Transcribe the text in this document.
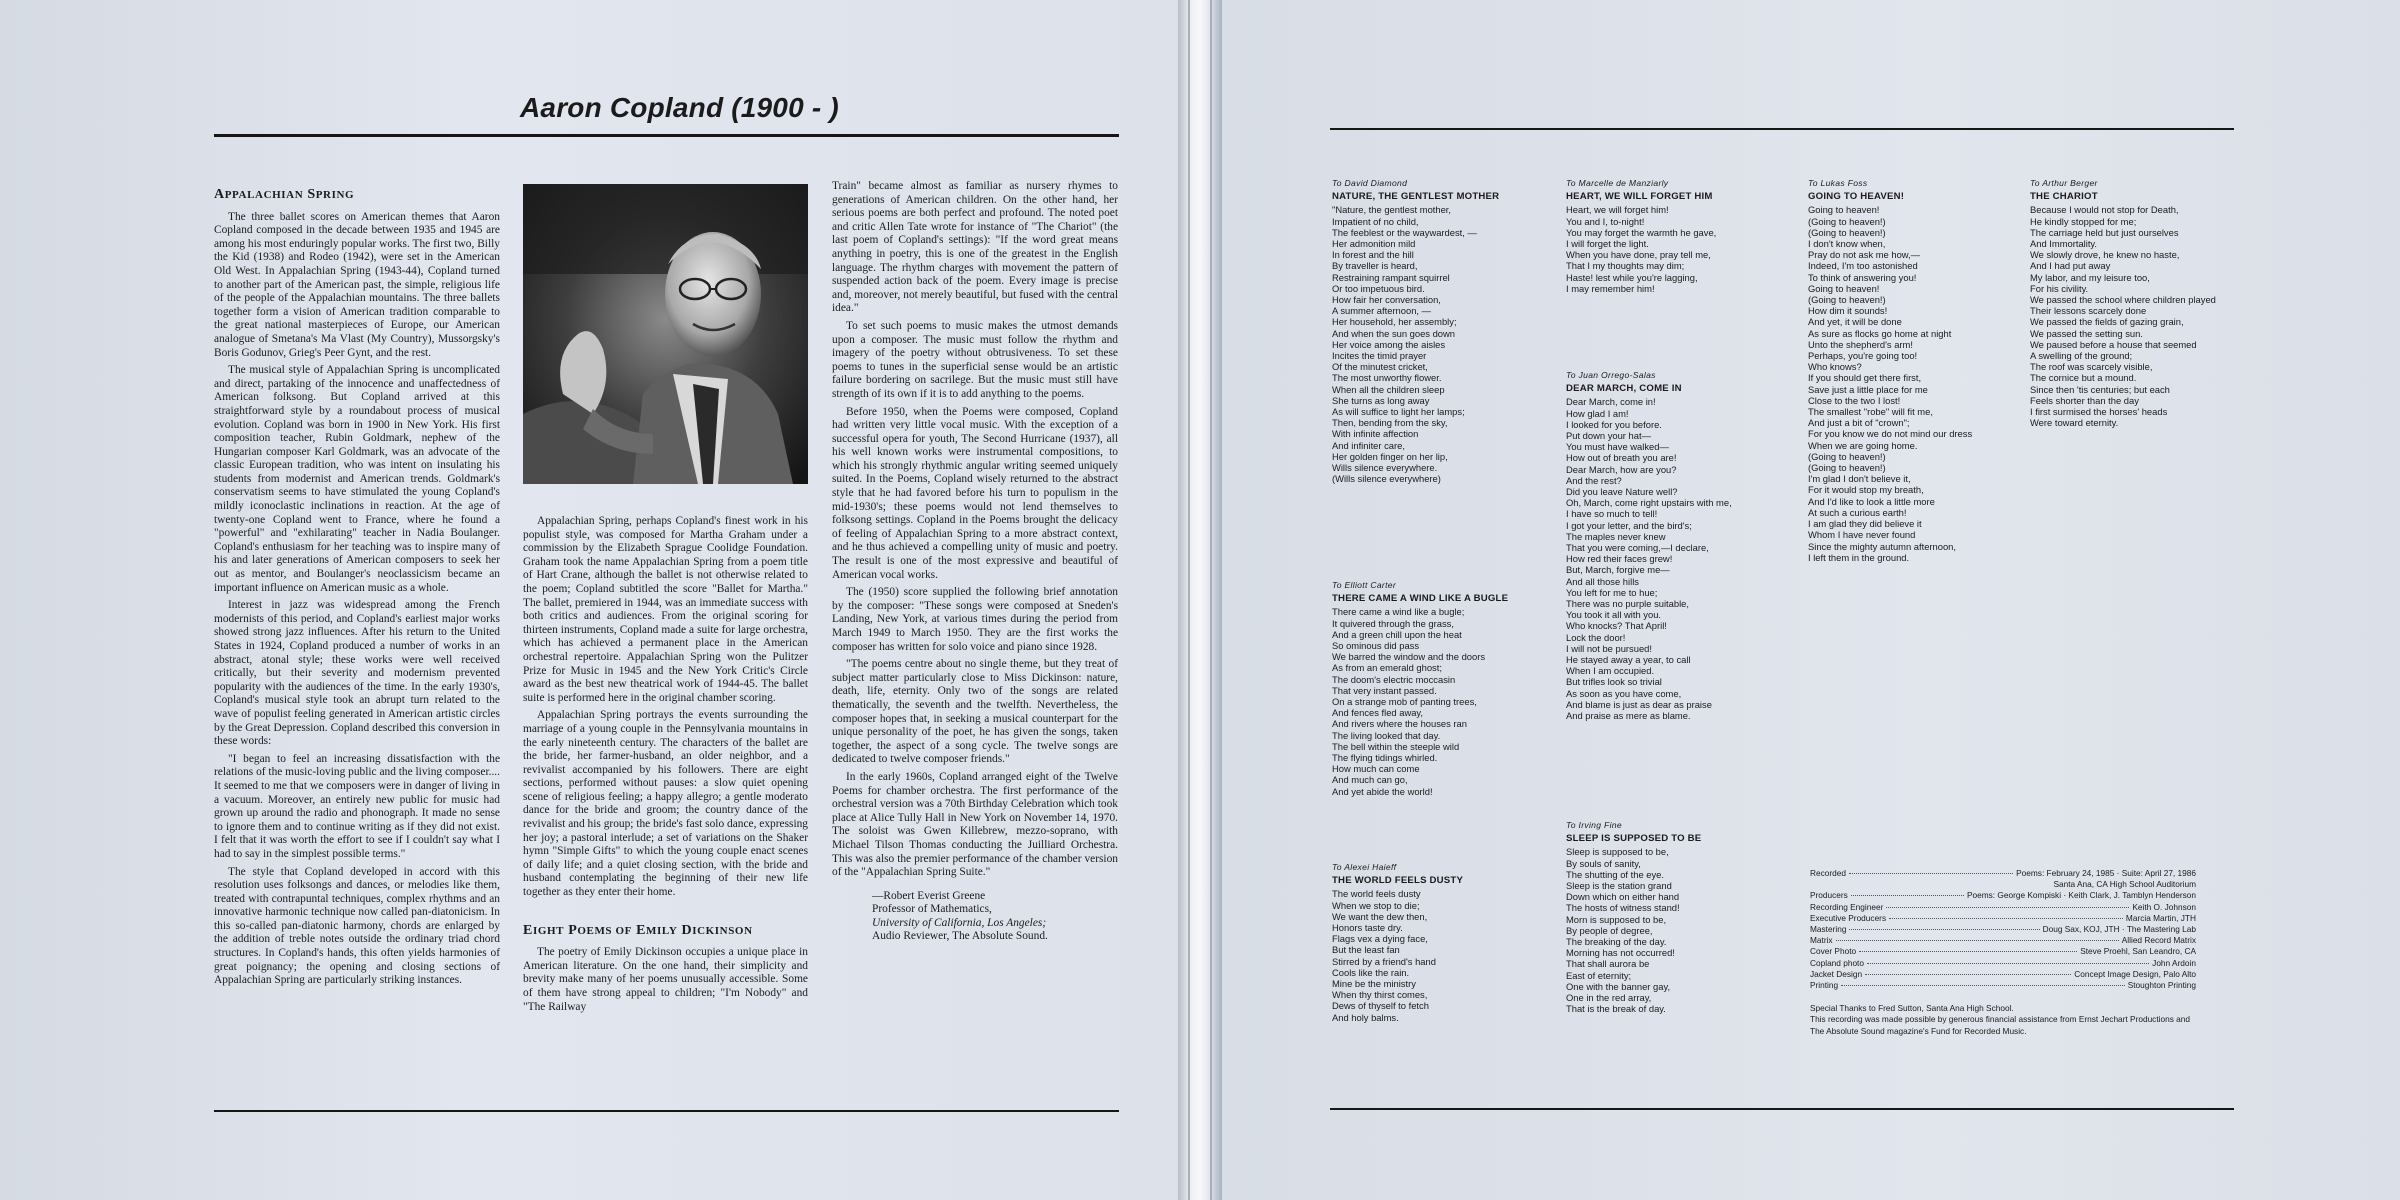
Aaron Copland (1900 - )
APPALACHIAN SPRING

The three ballet scores on American themes that Aaron Copland composed in the decade between 1935 and 1945 are among his most enduringly popular works. The first two, Billy the Kid (1938) and Rodeo (1942), were set in the American Old West. In Appalachian Spring (1943-44), Copland turned to another part of the American past, the simple, religious life of the people of the Appalachian mountains. The three ballets together form a vision of American tradition comparable to the great national masterpieces of Europe, our American analogue of Smetana's Ma Vlast (My Country), Mussorgsky's Boris Godunov, Grieg's Peer Gynt, and the rest.

The musical style of Appalachian Spring is uncomplicated and direct, partaking of the innocence and unaffectedness of American folksong. But Copland arrived at this straightforward style by a roundabout process of musical evolution. Copland was born in 1900 in New York. His first composition teacher, Rubin Goldmark, nephew of the Hungarian composer Karl Goldmark, was an advocate of the classic European tradition, who was intent on insulating his students from modernist and American trends. Goldmark's conservatism seems to have stimulated the young Copland's mildly iconoclastic inclinations in reaction. At the age of twenty-one Copland went to France, where he found a "powerful" and "exhilarating" teacher in Nadia Boulanger. Copland's enthusiasm for her teaching was to inspire many of his and later generations of American composers to seek her out as mentor, and Boulanger's neoclassicism became an important influence on American music as a whole.

Interest in jazz was widespread among the French modernists of this period, and Copland's earliest major works showed strong jazz influences. After his return to the United States in 1924, Copland produced a number of works in an abstract, atonal style; these works were well received critically, but their severity and modernism prevented popularity with the audiences of the time. In the early 1930's, Copland's musical style took an abrupt turn related to the wave of populist feeling generated in American artistic circles by the Great Depression. Copland described this conversion in these words:

"I began to feel an increasing dissatisfaction with the relations of the music-loving public and the living composer.... It seemed to me that we composers were in danger of living in a vacuum. Moreover, an entirely new public for music had grown up around the radio and phonograph. It made no sense to ignore them and to continue writing as if they did not exist. I felt that it was worth the effort to see if I couldn't say what I had to say in the simplest possible terms."

The style that Copland developed in accord with this resolution uses folksongs and dances, or melodies like them, treated with contrapuntal techniques, complex rhythms and an innovative harmonic technique now called pan-diatonicism. In this so-called pan-diatonic harmony, chords are enlarged by the addition of treble notes outside the ordinary triad chord structures. In Copland's hands, this often yields harmonies of great poignancy; the opening and closing sections of Appalachian Spring are particularly striking instances.

Appalachian Spring, perhaps Copland's finest work in his populist style, was composed for Martha Graham under a commission by the Elizabeth Sprague Coolidge Foundation. Graham took the name Appalachian Spring from a poem title of Hart Crane, although the ballet is not otherwise related to the poem; Copland subtitled the score "Ballet for Martha." The ballet, premiered in 1944, was an immediate success with both critics and audiences. From the original scoring for thirteen instruments, Copland made a suite for large orchestra, which has achieved a permanent place in the American orchestral repertoire. Appalachian Spring won the Pulitzer Prize for Music in 1945 and the New York Critic's Circle award as the best new theatrical work of 1944-45. The ballet suite is performed here in the original chamber scoring.

Appalachian Spring portrays the events surrounding the marriage of a young couple in the Pennsylvania mountains in the early nineteenth century. The characters of the ballet are the bride, her farmer-husband, an older neighbor, and a revivalist accompanied by his followers. There are eight sections, performed without pauses: a slow quiet opening scene of religious feeling; a happy allegro; a gentle moderato dance for the bride and groom; the country dance of the revivalist and his group; the bride's fast solo dance, expressing her joy; a pastoral interlude; a set of variations on the Shaker hymn "Simple Gifts" to which the young couple enact scenes of daily life; and a quiet closing section, with the bride and husband contemplating the beginning of their new life together as they enter their home.

EIGHT POEMS OF EMILY DICKINSON

The poetry of Emily Dickinson occupies a unique place in American literature. On the one hand, their simplicity and brevity make many of her poems unusually accessible. Some of them have strong appeal to children; "I'm Nobody" and "The Railway

Train" became almost as familiar as nursery rhymes to generations of American children. On the other hand, her serious poems are both perfect and profound. The noted poet and critic Allen Tate wrote for instance of "The Chariot" (the last poem of Copland's settings): "If the word great means anything in poetry, this is one of the greatest in the English language. The rhythm charges with movement the pattern of suspended action back of the poem. Every image is precise and, moreover, not merely beautiful, but fused with the central idea."

To set such poems to music makes the utmost demands upon a composer. The music must follow the rhythm and imagery of the poetry without obtrusiveness. To set these poems to tunes in the superficial sense would be an artistic failure bordering on sacrilege. But the music must still have strength of its own if it is to add anything to the poems.

Before 1950, when the Poems were composed, Copland had written very little vocal music. With the exception of a successful opera for youth, The Second Hurricane (1937), all his well known works were instrumental compositions, to which his strongly rhythmic angular writing seemed uniquely suited. In the Poems, Copland wisely returned to the abstract style that he had favored before his turn to populism in the mid-1930's; these poems would not lend themselves to folksong settings. Copland in the Poems brought the delicacy of feeling of Appalachian Spring to a more abstract context, and he thus achieved a compelling unity of music and poetry. The result is one of the most expressive and beautiful of American vocal works.

The (1950) score supplied the following brief annotation by the composer: "These songs were composed at Sneden's Landing, New York, at various times during the period from March 1949 to March 1950. They are the first works the composer has written for solo voice and piano since 1928.

"The poems centre about no single theme, but they treat of subject matter particularly close to Miss Dickinson: nature, death, life, eternity. Only two of the songs are related thematically, the seventh and the twelfth. Nevertheless, the composer hopes that, in seeking a musical counterpart for the unique personality of the poet, he has given the songs, taken together, the aspect of a song cycle. The twelve songs are dedicated to twelve composer friends."

In the early 1960s, Copland arranged eight of the Twelve Poems for chamber orchestra. The first performance of the orchestral version was a 70th Birthday Celebration which took place at Alice Tully Hall in New York on November 14, 1970. The soloist was Gwen Killebrew, mezzo-soprano, with Michael Tilson Thomas conducting the Juilliard Orchestra. This was also the premier performance of the chamber version of the "Appalachian Spring Suite."

—Robert Everist Greene
Professor of Mathematics,
University of California, Los Angeles;
Audio Reviewer, The Absolute Sound.
To David Diamond
NATURE, THE GENTLEST MOTHER
"Nature, the gentlest mother,
Impatient of no child,
The feeblest or the waywardest, —
Her admonition mild
In forest and the hill
By traveller is heard,
Restraining rampant squirrel
Or too impetuous bird.
How fair her conversation,
A summer afternoon, —
Her household, her assembly;
And when the sun goes down
Her voice among the aisles
Incites the timid prayer
Of the minutest cricket,
The most unworthy flower.
When all the children sleep
She turns as long away
As will suffice to light her lamps;
Then, bending from the sky,
With infinite affection
And infiniter care,
Her golden finger on her lip,
Wills silence everywhere.
(Wills silence everywhere)
To Elliott Carter
THERE CAME A WIND LIKE A BUGLE
There came a wind like a bugle;
It quivered through the grass,
And a green chill upon the heat
So ominous did pass
We barred the window and the doors
As from an emerald ghost;
The doom's electric moccasin
That very instant passed.
On a strange mob of panting trees,
And fences fled away,
And rivers where the houses ran
The living looked that day.
The bell within the steeple wild
The flying tidings whirled.
How much can come
And much can go,
And yet abide the world!
To Alexei Haieff
THE WORLD FEELS DUSTY
The world feels dusty
When we stop to die;
We want the dew then,
Honors taste dry.
Flags vex a dying face,
But the least fan
Stirred by a friend's hand
Cools like the rain.
Mine be the ministry
When thy thirst comes,
Dews of thyself to fetch
And holy balms.
To Marcelle de Manziarly
HEART, WE WILL FORGET HIM
Heart, we will forget him!
You and I, to-night!
You may forget the warmth he gave,
I will forget the light.
When you have done, pray tell me,
That I my thoughts may dim;
Haste! lest while you're lagging,
I may remember him!
To Juan Orrego-Salas
DEAR MARCH, COME IN
Dear March, come in!
How glad I am!
I looked for you before.
Put down your hat—
You must have walked—
How out of breath you are!
Dear March, how are you?
And the rest?
Did you leave Nature well?
Oh, March, come right upstairs with me,
I have so much to tell!
I got your letter, and the bird's;
The maples never knew
That you were coming,—I declare,
How red their faces grew!
But, March, forgive me—
And all those hills
You left for me to hue;
There was no purple suitable,
You took it all with you.
Who knocks? That April!
Lock the door!
I will not be pursued!
He stayed away a year, to call
When I am occupied.
But trifles look so trivial
As soon as you have come,
And blame is just as dear as praise
And praise as mere as blame.
To Irving Fine
SLEEP IS SUPPOSED TO BE
Sleep is supposed to be,
By souls of sanity,
The shutting of the eye.
Sleep is the station grand
Down which on either hand
The hosts of witness stand!
Morn is supposed to be,
By people of degree,
The breaking of the day.
Morning has not occurred!
That shall aurora be
East of eternity;
One with the banner gay,
One in the red array,
That is the break of day.
To Lukas Foss
GOING TO HEAVEN!
Going to heaven!
(Going to heaven!)
(Going to heaven!)
I don't know when,
Pray do not ask me how,—
Indeed, I'm too astonished
To think of answering you!
Going to heaven!
(Going to heaven!)
How dim it sounds!
And yet, it will be done
As sure as flocks go home at night
Unto the shepherd's arm!
Perhaps, you're going too!
Who knows?
If you should get there first,
Save just a little place for me
Close to the two I lost!
The smallest "robe" will fit me,
And just a bit of "crown";
For you know we do not mind our dress
When we are going home.
(Going to heaven!)
(Going to heaven!)
I'm glad I don't believe it,
For it would stop my breath,
And I'd like to look a little more
At such a curious earth!
I am glad they did believe it
Whom I have never found
Since the mighty autumn afternoon,
I left them in the ground.
To Arthur Berger
THE CHARIOT
Because I would not stop for Death,
He kindly stopped for me;
The carriage held but just ourselves
And Immortality.
We slowly drove, he knew no haste,
And I had put away
My labor, and my leisure too,
For his civility.
We passed the school where children played
Their lessons scarcely done
We passed the fields of gazing grain,
We passed the setting sun.
We paused before a house that seemed
A swelling of the ground;
The roof was scarcely visible,
The cornice but a mound.
Since then 'tis centuries; but each
Feels shorter than the day
I first surmised the horses' heads
Were toward eternity.
Recorded	Poems: February 24, 1985 · Suite: April 27, 1986
Santa Ana, CA High School Auditorium
Producers	Poems: George Kompiski · Keith Clark, J. Tamblyn Henderson
Recording Engineer	Keith O. Johnson
Executive Producers	Marcia Martin, JTH
Mastering	Doug Sax, KOJ, JTH · The Mastering Lab
Matrix	Allied Record Matrix
Cover Photo	Steve Proehl, San Leandro, CA
Copland photo	John Ardoin
Jacket Design	Concept Image Design, Palo Alto
Printing	Stoughton Printing
Special Thanks to Fred Sutton, Santa Ana High School.
This recording was made possible by generous financial assistance from Ernst Jechart Productions and
The Absolute Sound magazine's Fund for Recorded Music.
